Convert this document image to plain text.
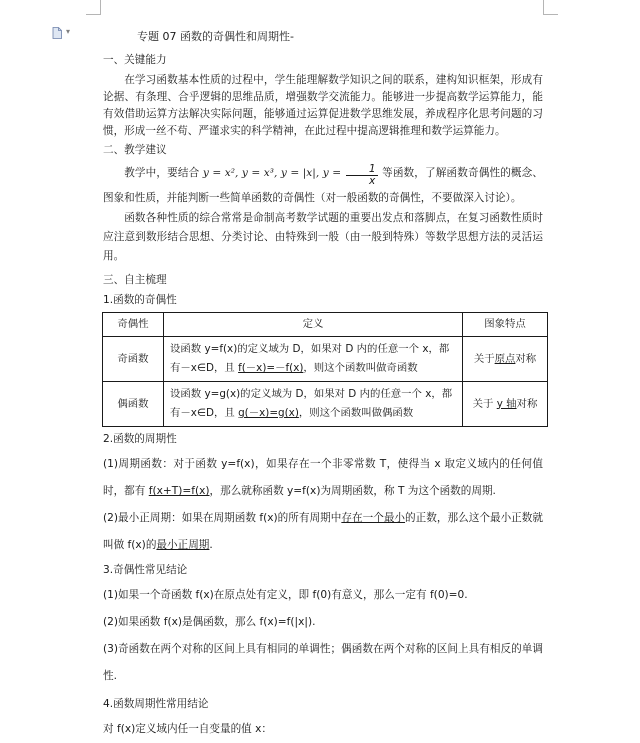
▾	专题 07 函数的奇偶性和周期性-
一、关键能力

在学习函数基本性质的过程中，学生能理解数学知识之间的联系，建构知识框架，形成有论据、有条理、合乎逻辑的思维品质，增强数学交流能力。能够进一步提高数学运算能力，能有效借助运算方法解决实际问题，能够通过运算促进数学思维发展，养成程序化思考问题的习惯，形成一丝不苟、严谨求实的科学精神，在此过程中提高逻辑推理和数学运算能力。

二、教学建议

教学中，要结合 y = x², y = x³, y = |x|, $y = \frac{1}{x}$ 等函数，了解函数奇偶性的概念、图象和性质，并能判断一些简单函数的奇偶性（对一般函数的奇偶性，不要做深入讨论）。

函数各种性质的综合常常是命制高考数学试题的重要出发点和落脚点，在复习函数性质时应注意到数形结合思想、分类讨论、由特殊到一般（由一般到特殊）等数学思想方法的灵活运用。

三、自主梳理
1.函数的奇偶性
奇偶性	定义	图象特点
奇函数	设函数 y=f(x)的定义域为 D，如果对 D 内的任意一个 x，都有－x∈D，且 f(－x)=－f(x)，则这个函数叫做奇函数	关于原点对称
偶函数	设函数 y=g(x)的定义域为 D，如果对 D 内的任意一个 x，都有－x∈D，且 g(－x)=g(x)，则这个函数叫做偶函数	关于 y 轴对称
2.函数的周期性

(1)周期函数：对于函数 y=f(x)，如果存在一个非零常数 T，使得当 x 取定义域内的任何值时，都有 f(x+T)=f(x)，那么就称函数 y=f(x)为周期函数，称 T 为这个函数的周期.

(2)最小正周期：如果在周期函数 f(x)的所有周期中存在一个最小的正数，那么这个最小正数就叫做 f(x)的最小正周期.

3.奇偶性常见结论

(1)如果一个奇函数 f(x)在原点处有定义，即 f(0)有意义，那么一定有 f(0)=0.

(2)如果函数 f(x)是偶函数，那么 f(x)=f(|x|).

(3)奇函数在两个对称的区间上具有相同的单调性；偶函数在两个对称的区间上具有相反的单调性.

4.函数周期性常用结论

对 f(x)定义域内任一自变量的值 x：
